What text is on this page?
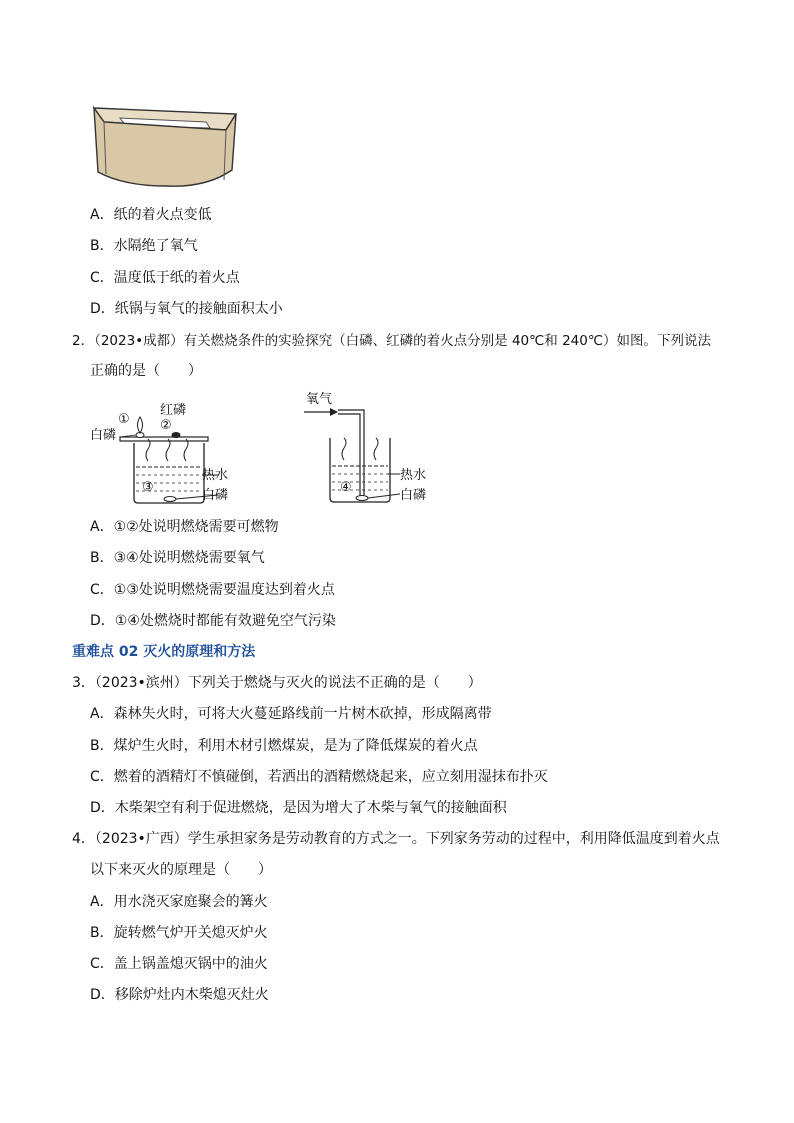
A．纸的着火点变低
B．水隔绝了氧气
C．温度低于纸的着火点
D．纸锅与氧气的接触面积太小
2．（2023•成都）有关燃烧条件的实验探究（白磷、红磷的着火点分别是 40℃和 240℃）如图。下列说法
正确的是（　　）
白磷
①
红磷
②
③
热水
白磷
氧气
④
热水
白磷
A．①②处说明燃烧需要可燃物
B．③④处说明燃烧需要氧气
C．①③处说明燃烧需要温度达到着火点
D．①④处燃烧时都能有效避免空气污染
重难点 02 灭火的原理和方法
3．（2023•滨州）下列关于燃烧与灭火的说法不正确的是（　　）
A．森林失火时，可将大火蔓延路线前一片树木砍掉，形成隔离带
B．煤炉生火时，利用木材引燃煤炭，是为了降低煤炭的着火点
C．燃着的酒精灯不慎碰倒，若洒出的酒精燃烧起来，应立刻用湿抹布扑灭
D．木柴架空有利于促进燃烧，是因为增大了木柴与氧气的接触面积
4．（2023•广西）学生承担家务是劳动教育的方式之一。下列家务劳动的过程中，利用降低温度到着火点
以下来灭火的原理是（　　）
A．用水浇灭家庭聚会的篝火
B．旋转燃气炉开关熄灭炉火
C．盖上锅盖熄灭锅中的油火
D．移除炉灶内木柴熄灭灶火
